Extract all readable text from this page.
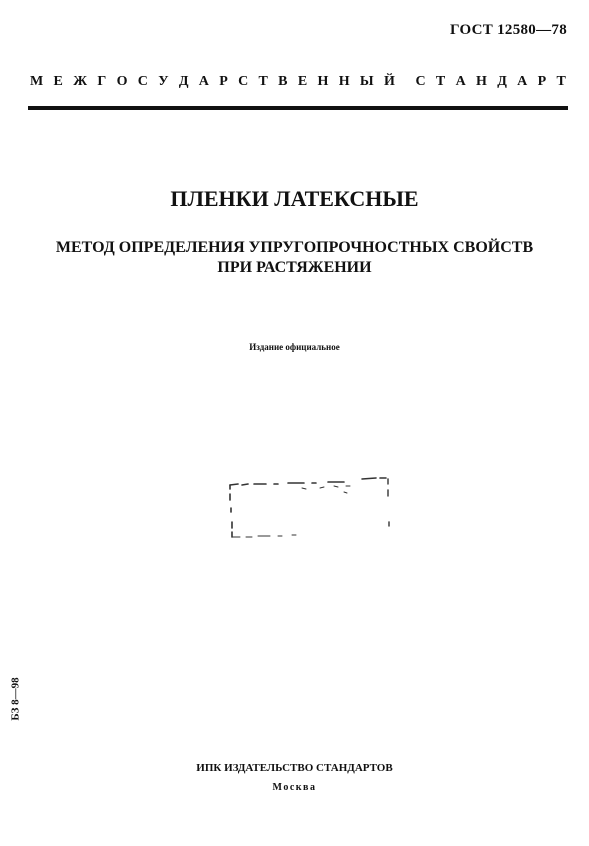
ГОСТ 12580—78
М Е Ж Г О С У Д А Р С Т В Е Н Н Ы Й С Т А Н Д А Р Т
ПЛЕНКИ ЛАТЕКСНЫЕ
МЕТОД ОПРЕДЕЛЕНИЯ УПРУГОПРОЧНОСТНЫХ СВОЙСТВ
ПРИ РАСТЯЖЕНИИ
Издание официальное
БЗ 8—98
ИПК ИЗДАТЕЛЬСТВО СТАНДАРТОВ
Москва
